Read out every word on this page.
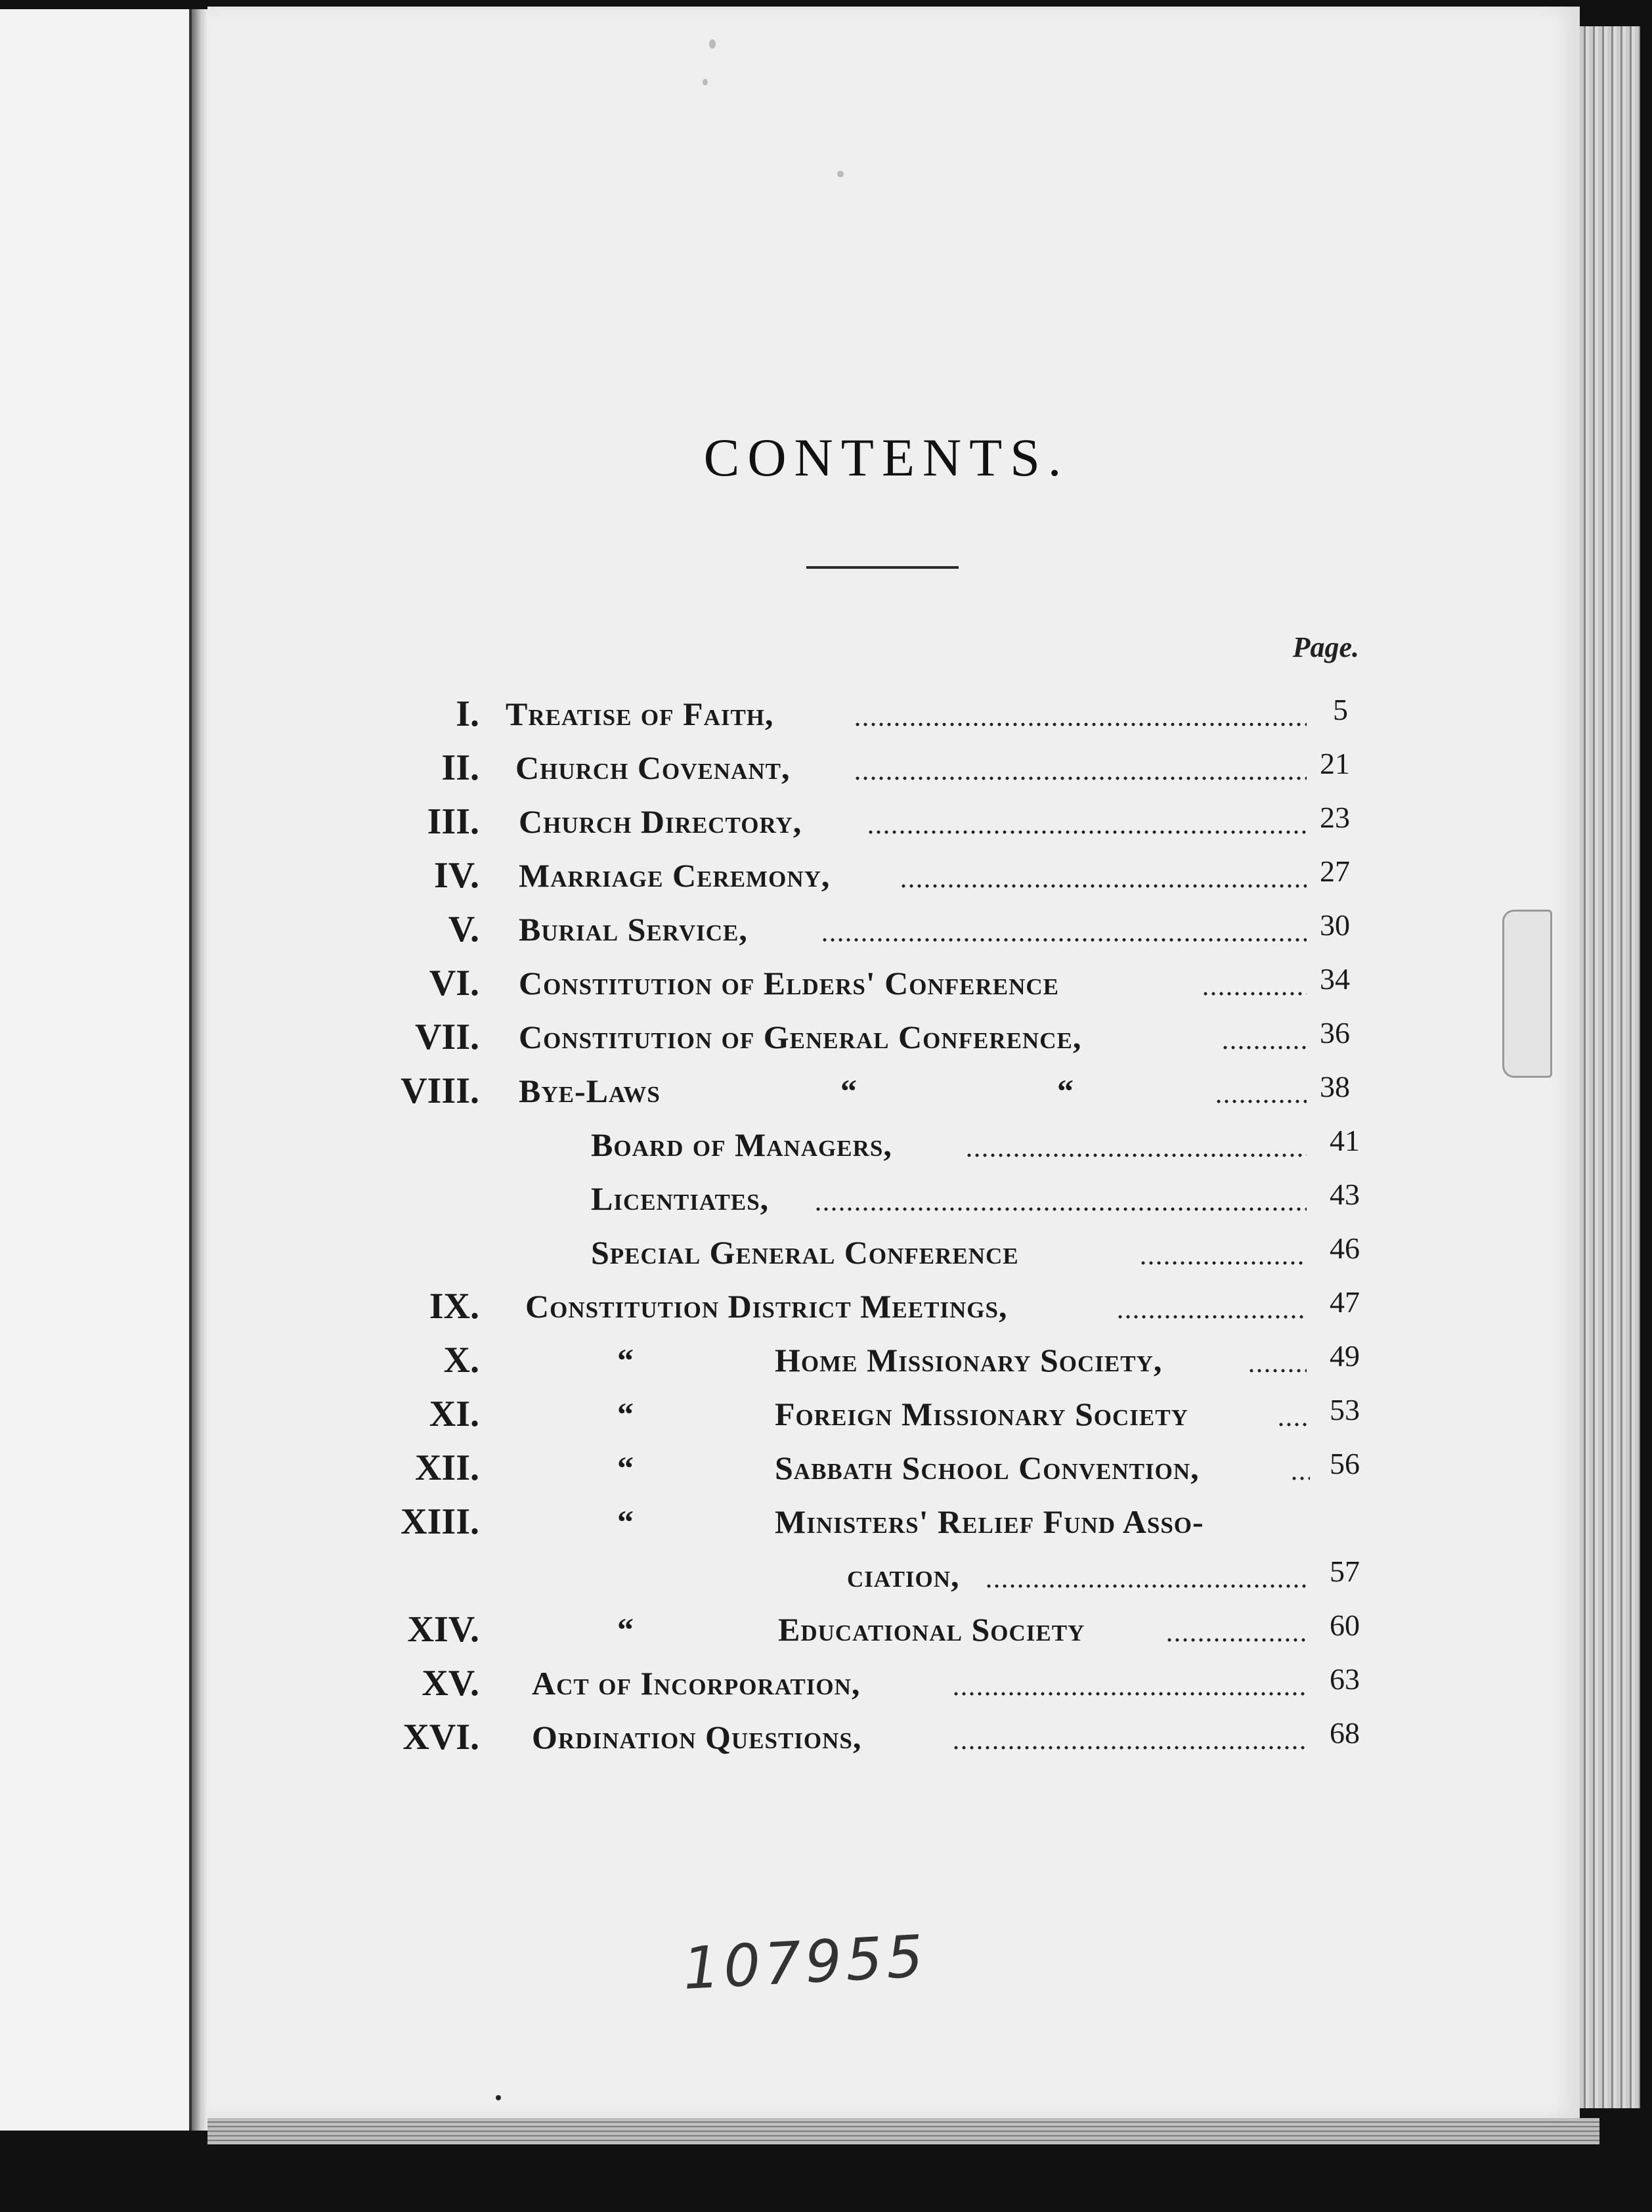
CONTENTS.
Page.
I. Treatise of Faith,	5
II. Church Covenant,	21
III. Church Directory,	23
IV. Marriage Ceremony,	27
V. Burial Service,	30
VI. Constitution of Elders' Conference	34
VII. Constitution of General Conference,	36
VIII. Bye-Laws	“	“	38
Board of Managers,	41
Licentiates,	43
Special General Conference	46
IX. Constitution District Meetings,	47
X.	“	Home Missionary Society,	49
XI.	“	Foreign Missionary Society	53
XII.	“	Sabbath School Convention,	56
XIII.	“	Ministers' Relief Fund Asso-
ciation,	57
XIV.	“	Educational Society	60
XV. Act of Incorporation,	63
XVI. Ordination Questions,	68
107955
